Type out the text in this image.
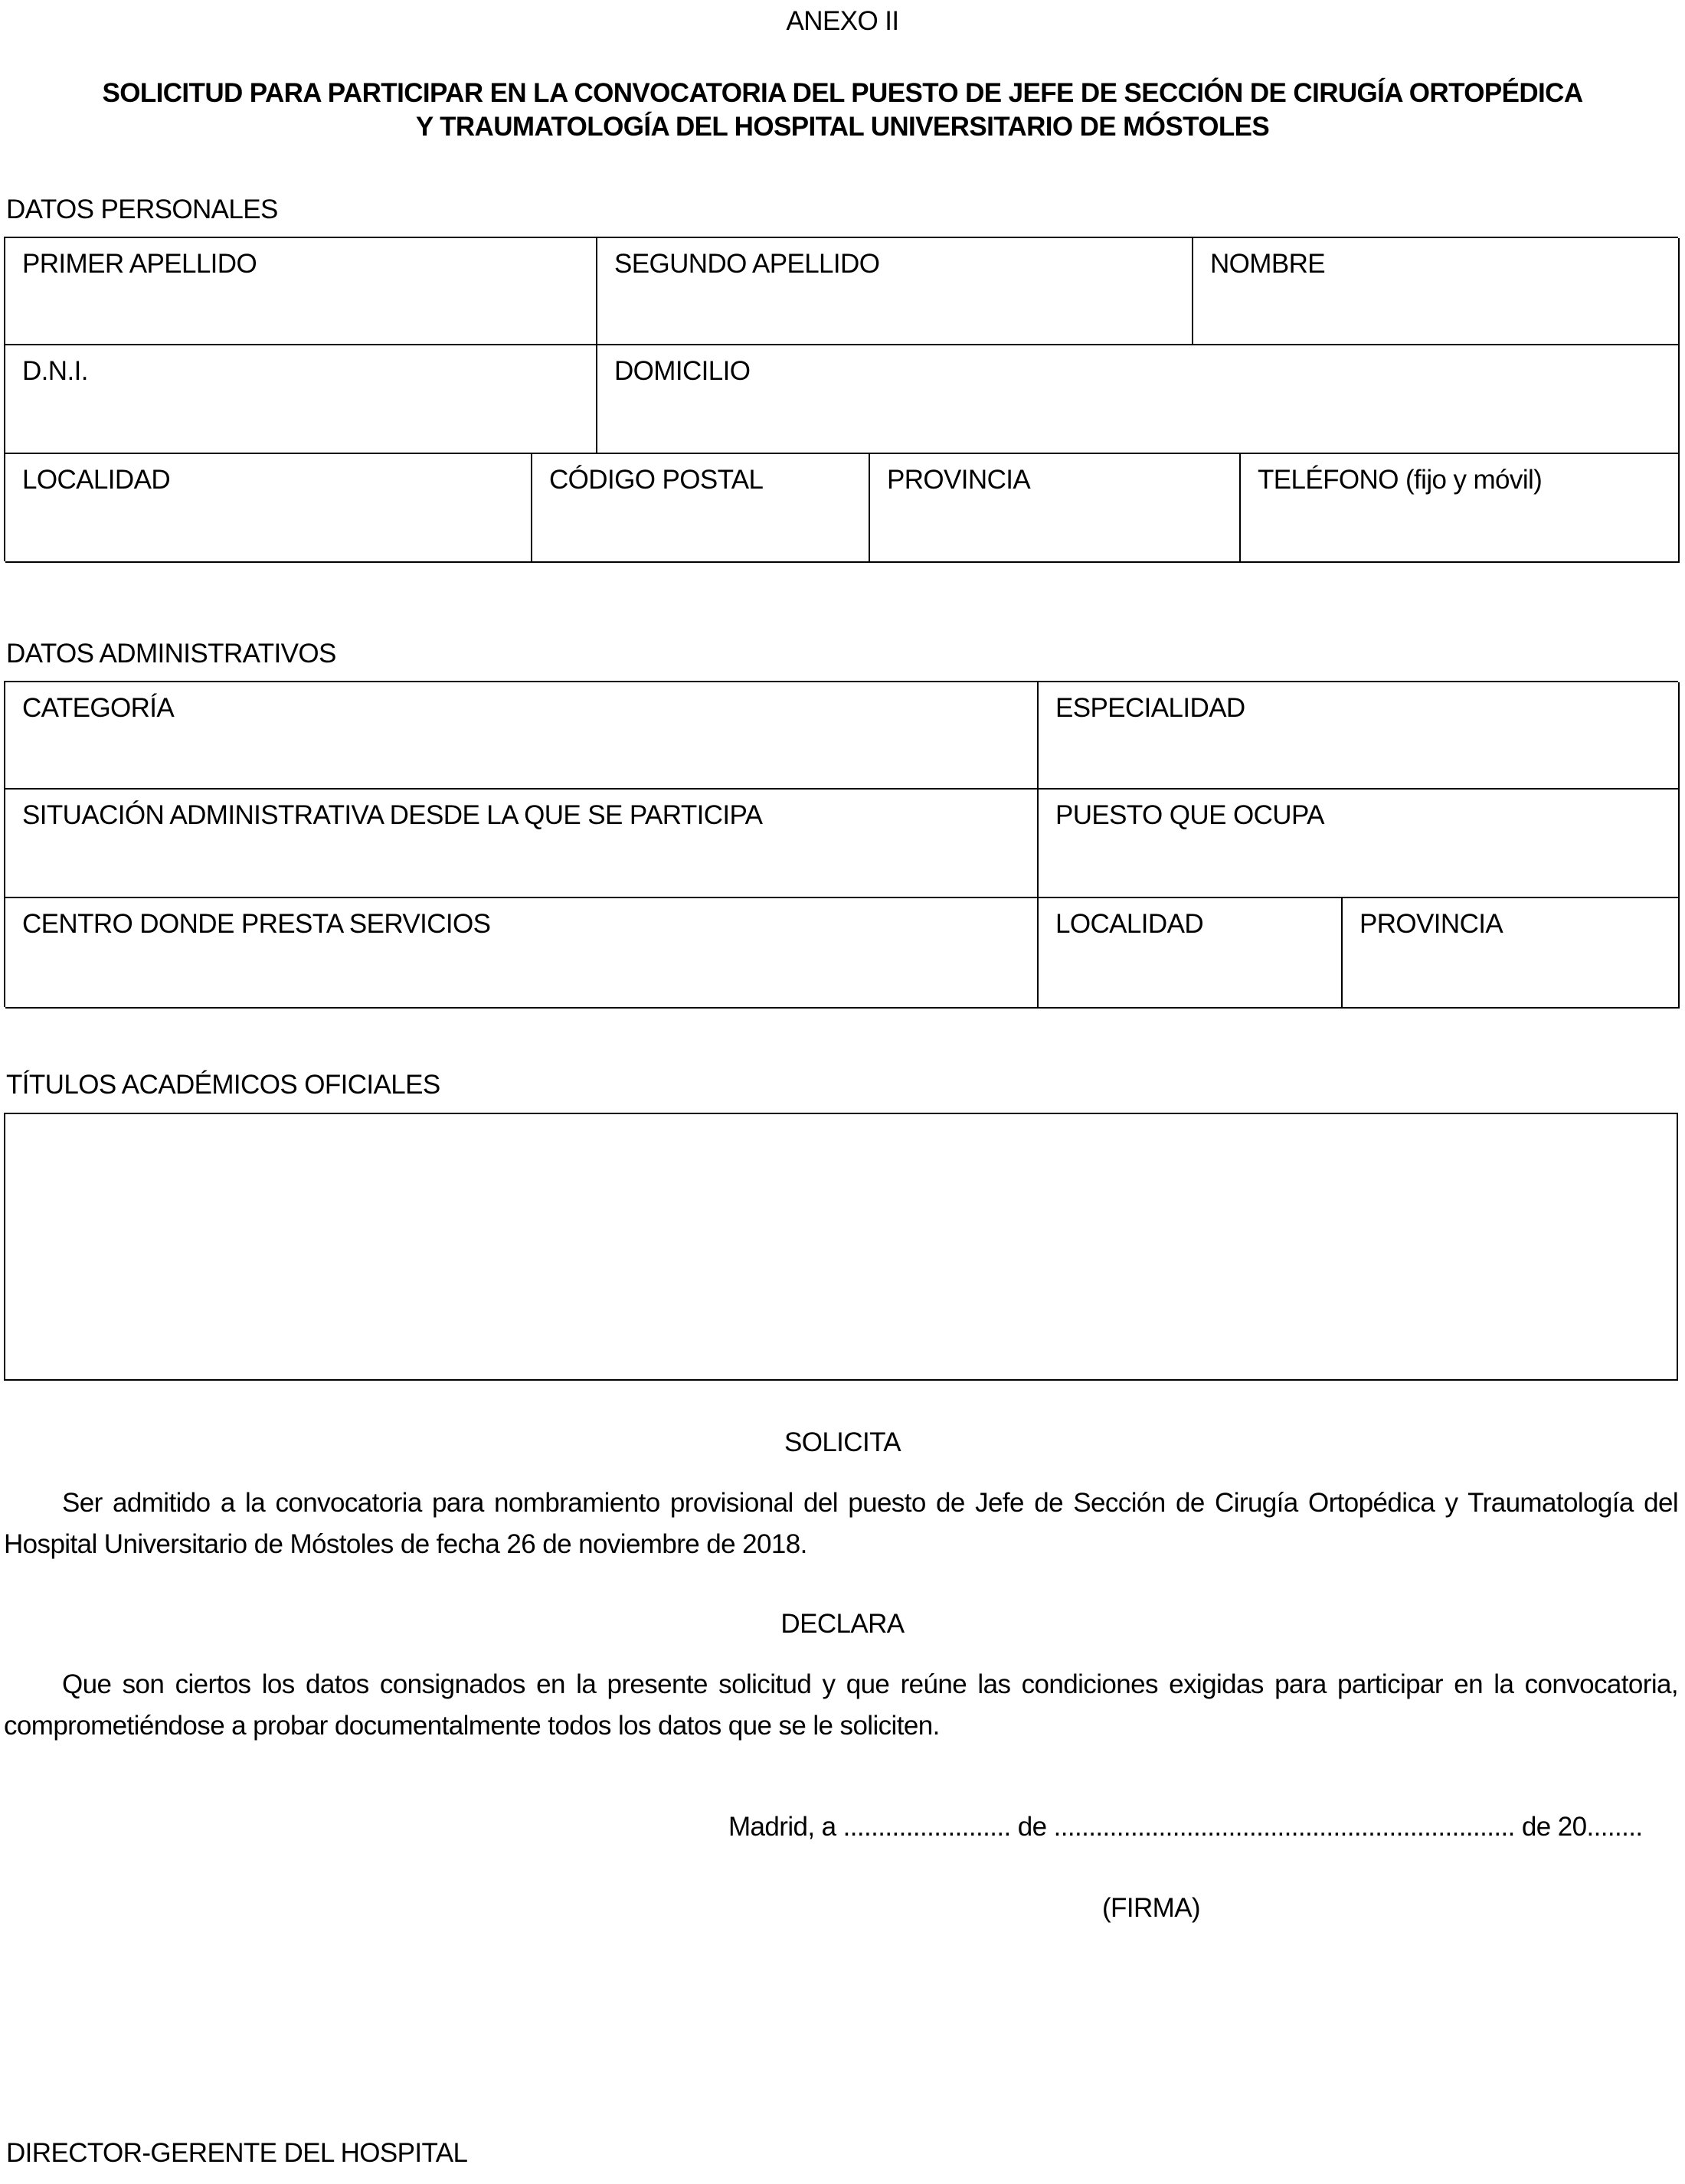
ANEXO II
SOLICITUD PARA PARTICIPAR EN LA CONVOCATORIA DEL PUESTO DE JEFE DE SECCIÓN DE CIRUGÍA ORTOPÉDICA
Y TRAUMATOLOGÍA DEL HOSPITAL UNIVERSITARIO DE MÓSTOLES
DATOS PERSONALES
PRIMER APELLIDO	SEGUNDO APELLIDO	NOMBRE
D.N.I.	DOMICILIO
LOCALIDAD	CÓDIGO POSTAL	PROVINCIA	TELÉFONO (fijo y móvil)
DATOS ADMINISTRATIVOS
CATEGORÍA	ESPECIALIDAD
SITUACIÓN ADMINISTRATIVA DESDE LA QUE SE PARTICIPA	PUESTO QUE OCUPA
CENTRO DONDE PRESTA SERVICIOS	LOCALIDAD	PROVINCIA
TÍTULOS ACADÉMICOS OFICIALES
SOLICITA
Ser admitido a la convocatoria para nombramiento provisional del puesto de Jefe de Sección de Cirugía Ortopédica y Traumatología del Hospital Universitario de Móstoles de fecha 26 de noviembre de 2018.
DECLARA
Que son ciertos los datos consignados en la presente solicitud y que reúne las condiciones exigidas para participar en la convocatoria, comprometiéndose a probar documentalmente todos los datos que se le soliciten.
Madrid, a ........................ de .................................................................. de 20........
(FIRMA)
DIRECTOR-GERENTE DEL HOSPITAL
